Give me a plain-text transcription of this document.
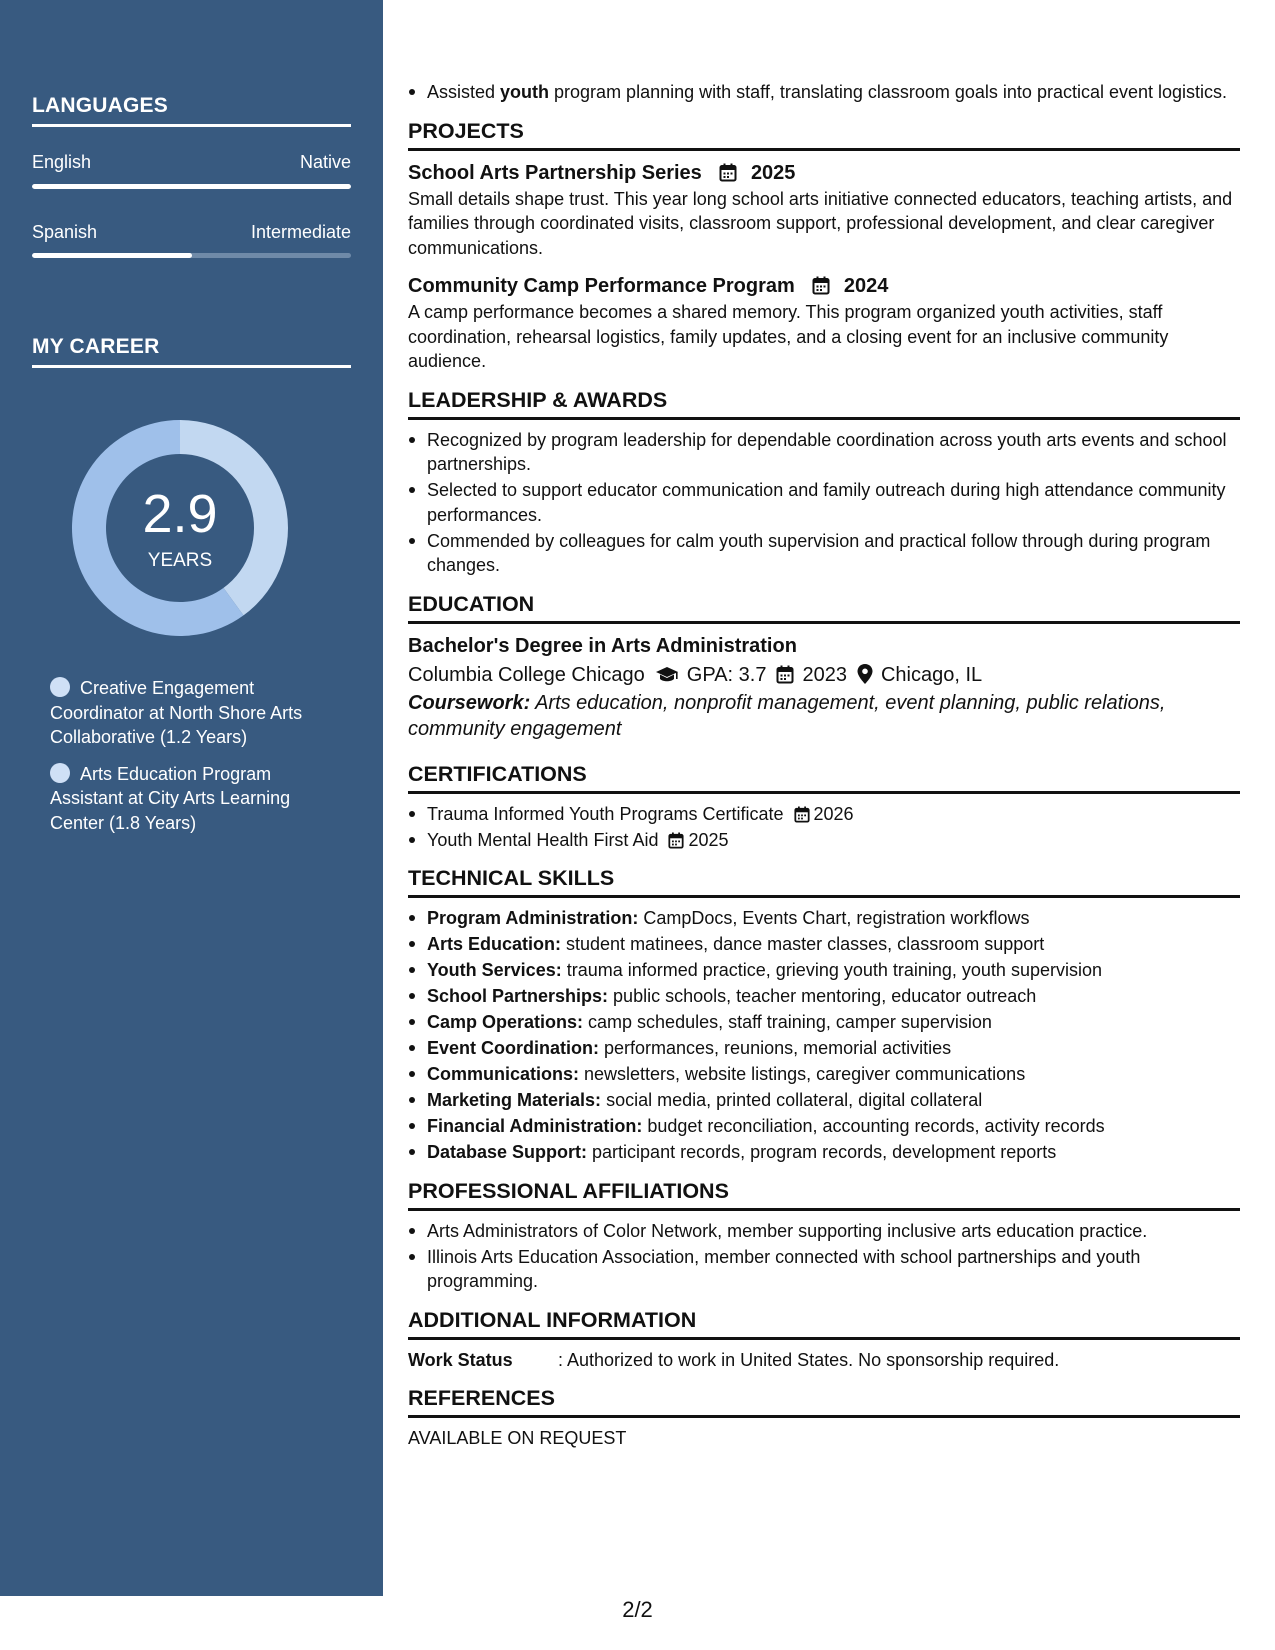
LANGUAGES
English	Native
Spanish	Intermediate
MY CAREER
2.9
YEARS
Creative Engagement Coordinator at North Shore Arts Collaborative (1.2 Years)
Arts Education Program Assistant at City Arts Learning Center (1.8 Years)
Assisted youth program planning with staff, translating classroom goals into practical event logistics.
PROJECTS
School Arts Partnership Series 2025
Small details shape trust. This year long school arts initiative connected educators, teaching artists, and families through coordinated visits, classroom support, professional development, and clear caregiver communications.
Community Camp Performance Program 2024
A camp performance becomes a shared memory. This program organized youth activities, staff coordination, rehearsal logistics, family updates, and a closing event for an inclusive community audience.
LEADERSHIP & AWARDS
Recognized by program leadership for dependable coordination across youth arts events and school partnerships.
Selected to support educator communication and family outreach during high attendance community performances.
Commended by colleagues for calm youth supervision and practical follow through during program changes.
EDUCATION
Bachelor's Degree in Arts Administration
Columbia College Chicago GPA: 3.7 2023 Chicago, IL
Coursework: Arts education, nonprofit management, event planning, public relations, community engagement
CERTIFICATIONS
Trauma Informed Youth Programs Certificate 2026
Youth Mental Health First Aid 2025
TECHNICAL SKILLS
Program Administration: CampDocs, Events Chart, registration workflows
Arts Education: student matinees, dance master classes, classroom support
Youth Services: trauma informed practice, grieving youth training, youth supervision
School Partnerships: public schools, teacher mentoring, educator outreach
Camp Operations: camp schedules, staff training, camper supervision
Event Coordination: performances, reunions, memorial activities
Communications: newsletters, website listings, caregiver communications
Marketing Materials: social media, printed collateral, digital collateral
Financial Administration: budget reconciliation, accounting records, activity records
Database Support: participant records, program records, development reports
PROFESSIONAL AFFILIATIONS
Arts Administrators of Color Network, member supporting inclusive arts education practice.
Illinois Arts Education Association, member connected with school partnerships and youth programming.
ADDITIONAL INFORMATION
Work Status	: Authorized to work in United States. No sponsorship required.
REFERENCES
AVAILABLE ON REQUEST
2/2
